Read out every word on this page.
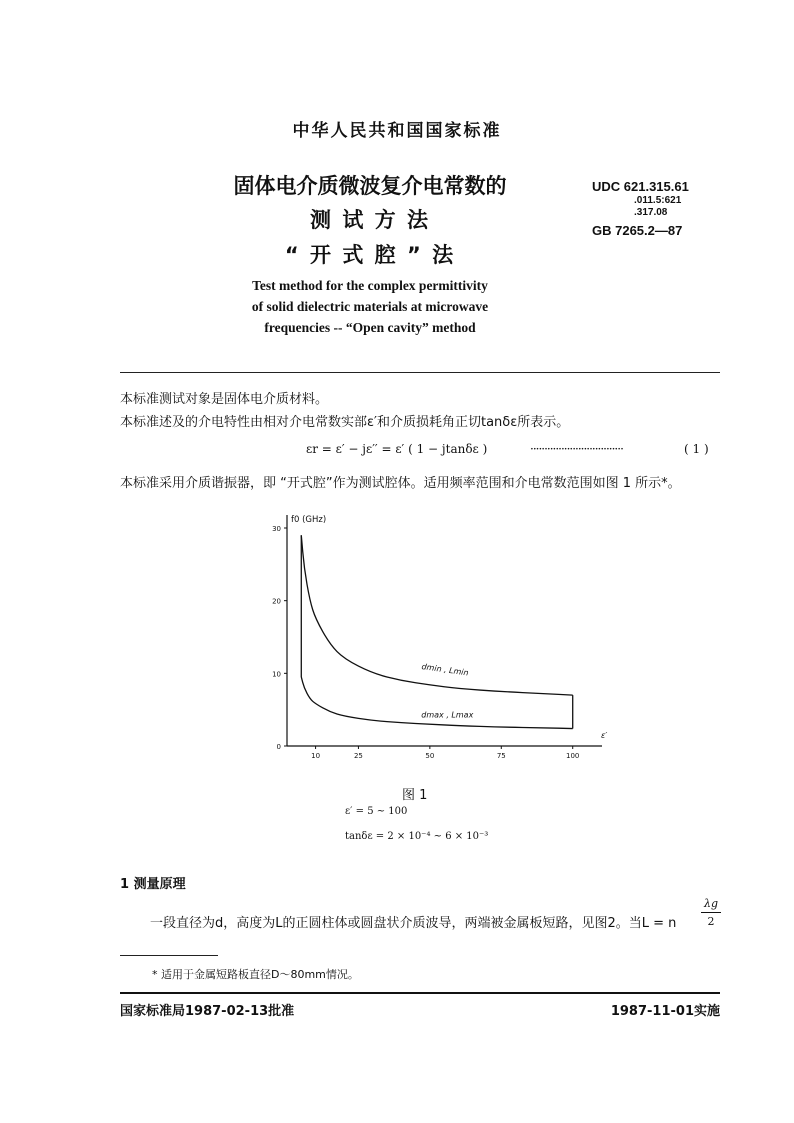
中华人民共和国国家标准
固体电介质微波复介电常数的
测 试 方 法
“ 开 式 腔 ” 法
Test method for the complex permittivity
of solid dielectric materials at microwave
frequencies -- “Open cavity” method
UDC 621.315.61
.011.5:621
.317.08
GB 7265.2—87
本标准测试对象是固体电介质材料。
本标准述及的介电特性由相对介电常数实部ε′和介质损耗角正切tanδε所表示。
εr = ε′ − jε′′ = ε′ ( 1 − jtanδε )	·································	( 1 )
本标准采用介质谐振器，即 “开式腔”作为测试腔体。适用频率范围和介电常数范围如图 1 所示*。
0
10
20
30
10	25	50	75	100
f0 (GHz)
ε′
dmin , Lmin
dmax , Lmax
图 1
ε′ = 5 ~ 100
tanδε = 2 × 10⁻⁴ ~ 6 × 10⁻³
1 测量原理
一段直径为d，高度为L的正圆柱体或圆盘状介质波导，两端被金属板短路，见图2。当L = n
λg
2
* 适用于金属短路板直径D～80mm情况。
国家标准局1987-02-13批准	1987-11-01实施
